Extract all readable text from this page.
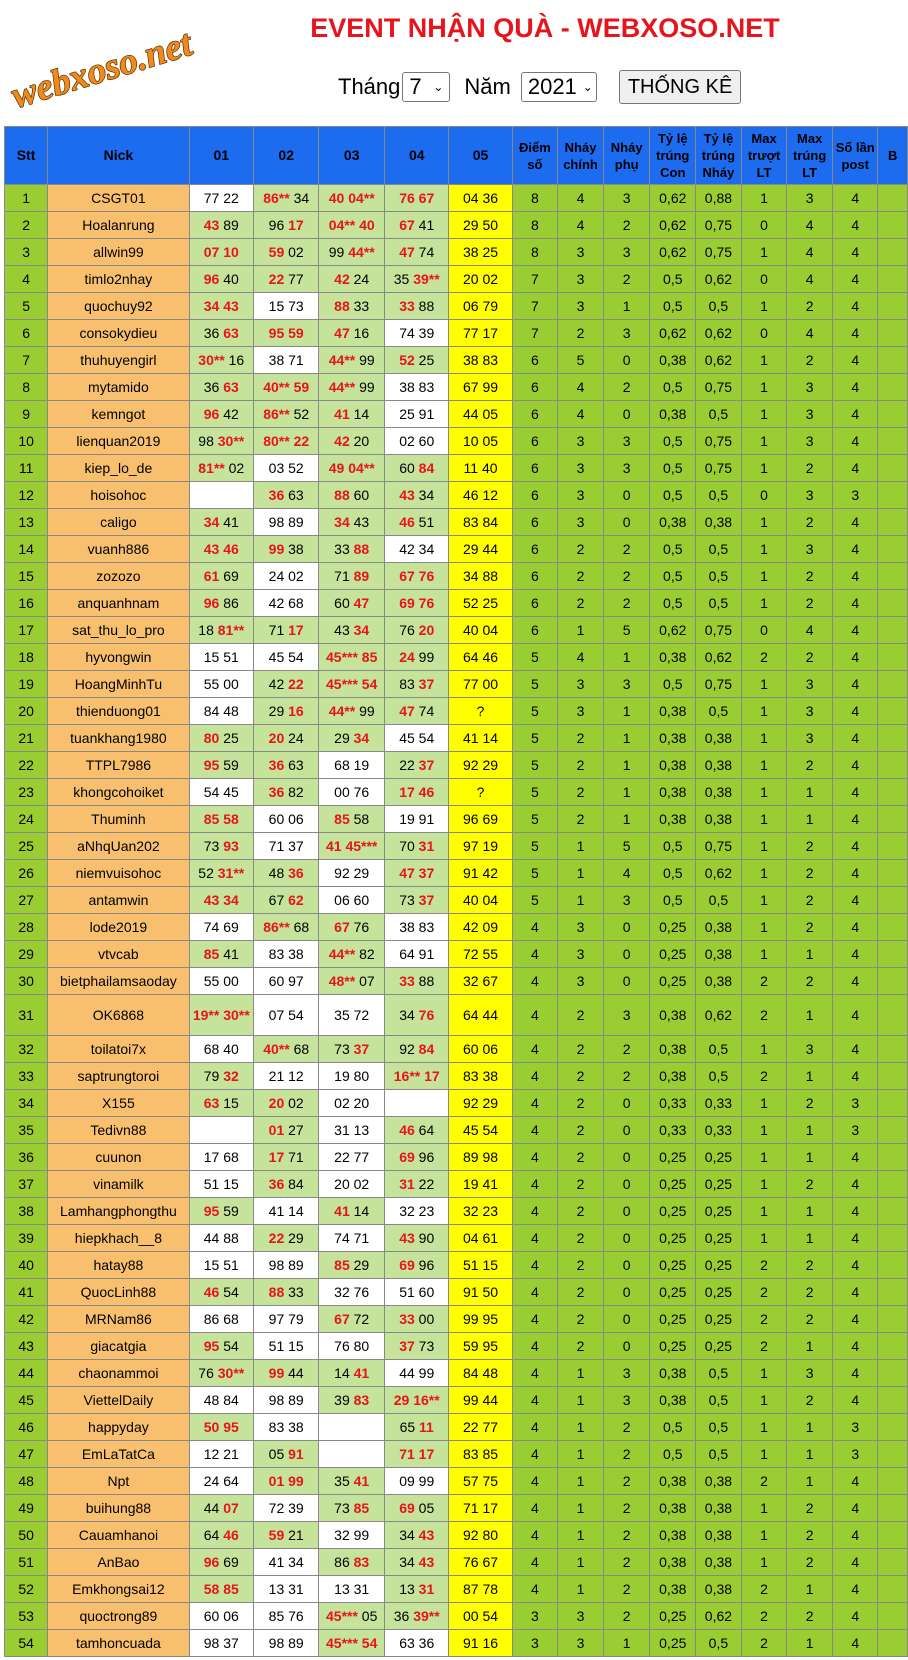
webxoso.net	EVENT NHẬN QUÀ - WEBXOSO.NET
Tháng 7 ⌄ Năm 2021 ⌄	THỐNG KÊ
Stt	Nick	01	02	03	04	05	Điểm số	Nháy chính	Nháy phụ	Tỷ lệ trúng Con	Tỷ lệ trúng Nháy	Max trượt LT	Max trúng LT	Số lần post	B
1	CSGT01	77 22	86** 34	40 04**	76 67	04 36	8	4	3	0,62	0,88	1	3	4	
2	Hoalanrung	43 89	96 17	04** 40	67 41	29 50	8	4	2	0,62	0,75	0	4	4	
3	allwin99	07 10	59 02	99 44**	47 74	38 25	8	3	3	0,62	0,75	1	4	4	
4	timlo2nhay	96 40	22 77	42 24	35 39**	20 02	7	3	2	0,5	0,62	0	4	4	
5	quochuy92	34 43	15 73	88 33	33 88	06 79	7	3	1	0,5	0,5	1	2	4	
6	consokydieu	36 63	95 59	47 16	74 39	77 17	7	2	3	0,62	0,62	0	4	4	
7	thuhuyengirl	30** 16	38 71	44** 99	52 25	38 83	6	5	0	0,38	0,62	1	2	4	
8	mytamido	36 63	40** 59	44** 99	38 83	67 99	6	4	2	0,5	0,75	1	3	4	
9	kemngot	96 42	86** 52	41 14	25 91	44 05	6	4	0	0,38	0,5	1	3	4	
10	lienquan2019	98 30**	80** 22	42 20	02 60	10 05	6	3	3	0,5	0,75	1	3	4	
11	kiep_lo_de	81** 02	03 52	49 04**	60 84	11 40	6	3	3	0,5	0,75	1	2	4	
12	hoisohoc		36 63	88 60	43 34	46 12	6	3	0	0,5	0,5	0	3	3	
13	caligo	34 41	98 89	34 43	46 51	83 84	6	3	0	0,38	0,38	1	2	4	
14	vuanh886	43 46	99 38	33 88	42 34	29 44	6	2	2	0,5	0,5	1	3	4	
15	zozozo	61 69	24 02	71 89	67 76	34 88	6	2	2	0,5	0,5	1	2	4	
16	anquanhnam	96 86	42 68	60 47	69 76	52 25	6	2	2	0,5	0,5	1	2	4	
17	sat_thu_lo_pro	18 81**	71 17	43 34	76 20	40 04	6	1	5	0,62	0,75	0	4	4	
18	hyvongwin	15 51	45 54	45*** 85	24 99	64 46	5	4	1	0,38	0,62	2	2	4	
19	HoangMinhTu	55 00	42 22	45*** 54	83 37	77 00	5	3	3	0,5	0,75	1	3	4	
20	thienduong01	84 48	29 16	44** 99	47 74	?	5	3	1	0,38	0,5	1	3	4	
21	tuankhang1980	80 25	20 24	29 34	45 54	41 14	5	2	1	0,38	0,38	1	3	4	
22	TTPL7986	95 59	36 63	68 19	22 37	92 29	5	2	1	0,38	0,38	1	2	4	
23	khongcohoiket	54 45	36 82	00 76	17 46	?	5	2	1	0,38	0,38	1	1	4	
24	Thuminh	85 58	60 06	85 58	19 91	96 69	5	2	1	0,38	0,38	1	1	4	
25	aNhqUan202	73 93	71 37	41 45***	70 31	97 19	5	1	5	0,5	0,75	1	2	4	
26	niemvuisohoc	52 31**	48 36	92 29	47 37	91 42	5	1	4	0,5	0,62	1	2	4	
27	antamwin	43 34	67 62	06 60	73 37	40 04	5	1	3	0,5	0,5	1	2	4	
28	lode2019	74 69	86** 68	67 76	38 83	42 09	4	3	0	0,25	0,38	1	2	4	
29	vtvcab	85 41	83 38	44** 82	64 91	72 55	4	3	0	0,25	0,38	1	1	4	
30	bietphailamsaoday	55 00	60 97	48** 07	33 88	32 67	4	3	0	0,25	0,38	2	2	4	
31	OK6868	19** 30**	07 54	35 72	34 76	64 44	4	2	3	0,38	0,62	2	1	4	
32	toilatoi7x	68 40	40** 68	73 37	92 84	60 06	4	2	2	0,38	0,5	1	3	4	
33	saptrungtoroi	79 32	21 12	19 80	16** 17	83 38	4	2	2	0,38	0,5	2	1	4	
34	X155	63 15	20 02	02 20		92 29	4	2	0	0,33	0,33	1	2	3	
35	Tedivn88		01 27	31 13	46 64	45 54	4	2	0	0,33	0,33	1	1	3	
36	cuunon	17 68	17 71	22 77	69 96	89 98	4	2	0	0,25	0,25	1	1	4	
37	vinamilk	51 15	36 84	20 02	31 22	19 41	4	2	0	0,25	0,25	1	2	4	
38	Lamhangphongthu	95 59	41 14	41 14	32 23	32 23	4	2	0	0,25	0,25	1	1	4	
39	hiepkhach__8	44 88	22 29	74 71	43 90	04 61	4	2	0	0,25	0,25	1	1	4	
40	hatay88	15 51	98 89	85 29	69 96	51 15	4	2	0	0,25	0,25	2	2	4	
41	QuocLinh88	46 54	88 33	32 76	51 60	91 50	4	2	0	0,25	0,25	2	2	4	
42	MRNam86	86 68	97 79	67 72	33 00	99 95	4	2	0	0,25	0,25	2	2	4	
43	giacatgia	95 54	51 15	76 80	37 73	59 95	4	2	0	0,25	0,25	2	1	4	
44	chaonammoi	76 30**	99 44	14 41	44 99	84 48	4	1	3	0,38	0,5	1	3	4	
45	ViettelDaily	48 84	98 89	39 83	29 16**	99 44	4	1	3	0,38	0,5	1	2	4	
46	happyday	50 95	83 38		65 11	22 77	4	1	2	0,5	0,5	1	1	3	
47	EmLaTatCa	12 21	05 91		71 17	83 85	4	1	2	0,5	0,5	1	1	3	
48	Npt	24 64	01 99	35 41	09 99	57 75	4	1	2	0,38	0,38	2	1	4	
49	buihung88	44 07	72 39	73 85	69 05	71 17	4	1	2	0,38	0,38	1	2	4	
50	Cauamhanoi	64 46	59 21	32 99	34 43	92 80	4	1	2	0,38	0,38	1	2	4	
51	AnBao	96 69	41 34	86 83	34 43	76 67	4	1	2	0,38	0,38	1	2	4	
52	Emkhongsai12	58 85	13 31	13 31	13 31	87 78	4	1	2	0,38	0,38	2	1	4	
53	quoctrong89	60 06	85 76	45*** 05	36 39**	00 54	3	3	2	0,25	0,62	2	2	4	
54	tamhoncuada	98 37	98 89	45*** 54	63 36	91 16	3	3	1	0,25	0,5	2	1	4	
